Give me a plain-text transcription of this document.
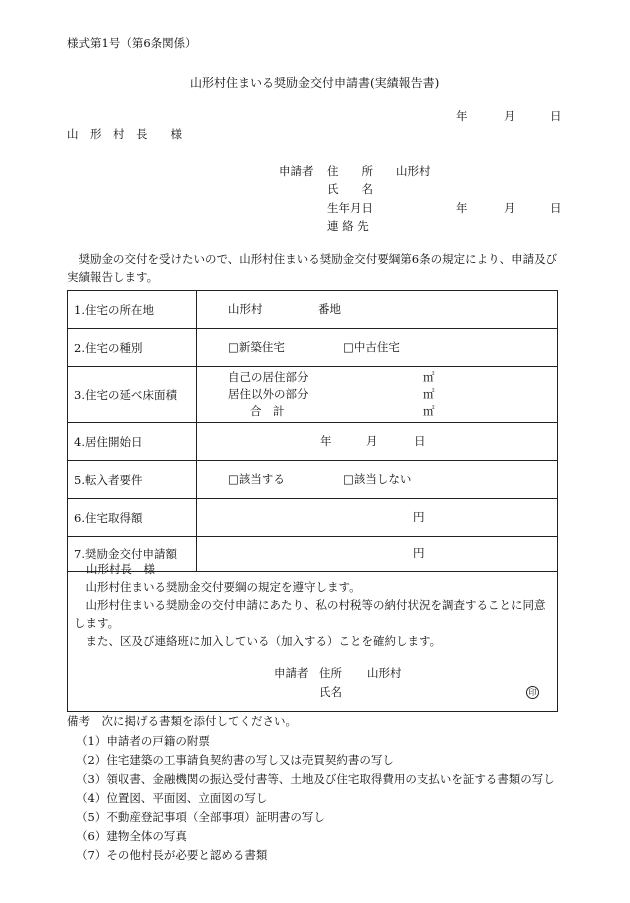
様式第1号（第6条関係）
山形村住まいる奨励金交付申請書(実績報告書)
年	月	日
山　形　村　長　　様
申請者 住　　所 山形村
氏　　名
生年月日	年	月	日
連 絡 先
奨励金の交付を受けたいので、山形村住まいる奨励金交付要綱第6条の規定により、申請及び実績報告します。
1.住宅の所在地	山形村	番地
2.住宅の種別	□新築住宅	□中古住宅
3.住宅の延べ床面積
自己の居住部分	㎡
居住以外の部分	㎡
合　計	㎡
4.居住開始日	年	月	日
5.転入者要件	□該当する	□該当しない
6.住宅取得額	円
7.奨励金交付申請額	円
山形村長　様
山形村住まいる奨励金交付要綱の規定を遵守します。
山形村住まいる奨励金の交付申請にあたり、私の村税等の納付状況を調査することに同意します。
また、区及び連絡班に加入している（加入する）ことを確約します。
申請者 住所 山形村
氏名	印
備考　次に掲げる書類を添付してください。
（1）申請者の戸籍の附票
（2）住宅建築の工事請負契約書の写し又は売買契約書の写し
（3）領収書、金融機関の振込受付書等、土地及び住宅取得費用の支払いを証する書類の写し
（4）位置図、平面図、立面図の写し
（5）不動産登記事項（全部事項）証明書の写し
（6）建物全体の写真
（7）その他村長が必要と認める書類
